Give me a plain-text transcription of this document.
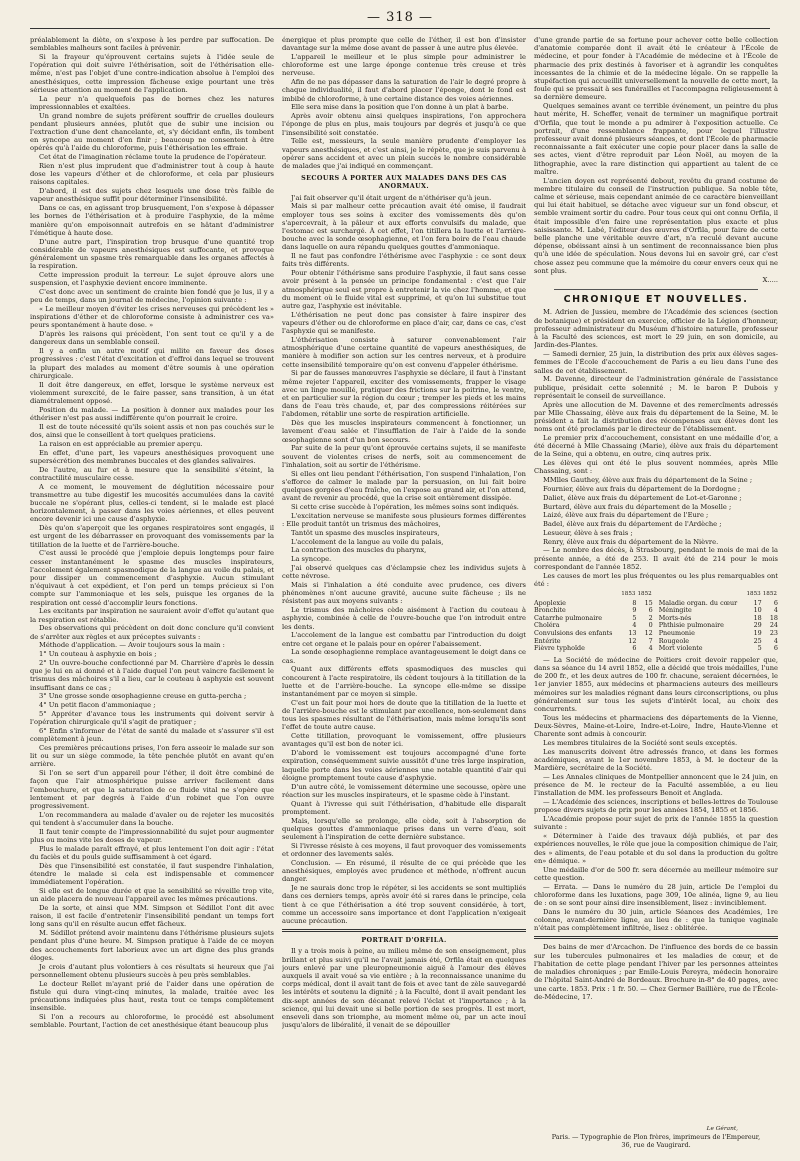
— 318 —

préalablement la diète, on s'expose à les perdre par suffocation. De semblables malheurs sont faciles à prévenir.

Si la frayeur qu'éprouvent certains sujets à l'idée seule de l'opération qui doit suivre l'éthérisation, soit de l'éthérisation elle-même, n'est pas l'objet d'une contre-indication absolue à l'emploi des anesthésiques, cette impression fâcheuse exige pourtant une très sérieuse attention au moment de l'application.

La peur n'a quelquefois pas de bornes chez les natures impressionnables et exaltées.

Un grand nombre de sujets préfèrent souffrir de cruelles douleurs pendant plusieurs années, plutôt que de subir une incision ou l'extraction d'une dent chancelante, et, s'y décidant enfin, ils tombent en syncope au moment d'en finir ; beaucoup ne consentent à être opérés qu'à l'aide du chloroforme, puis l'éthérisation les effraie.

Cet état de l'imagination réclame toute la prudence de l'opérateur.

Rien n'est plus imprudent que d'administrer tout à coup à haute dose les vapeurs d'éther et de chloroforme, et cela par plusieurs raisons capitales.

D'abord, il est des sujets chez lesquels une dose très faible de vapeur anesthésique suffit pour déterminer l'insensibilité.

Dans ce cas, en agissant trop brusquement, l'on s'expose à dépasser les bornes de l'éthérisation et à produire l'asphyxie, de la même manière qu'on empoisonnait autrefois en se hâtant d'administrer l'émétique à haute dose.

D'une autre part, l'inspiration trop brusque d'une quantité trop considérable de vapeurs anesthésiques est suffocante, et provoque généralement un spasme très remarquable dans les organes affectés à la respiration.

Cette impression produit la terreur. Le sujet éprouve alors une suspension, et l'asphyxie devient encore imminente.

C'est donc avec un sentiment de crainte bien fondé que je lus, il y a peu de temps, dans un journal de médecine, l'opinion suivante :

« Le meilleur moyen d'éviter les crises nerveuses qui précèdent les » inspirations d'éther et de chloroforme consiste à administrer ces va» peurs spontanément à haute dose. »

D'après les raisons qui précèdent, l'on sent tout ce qu'il y a de dangereux dans un semblable conseil.

Il y a enfin un autre motif qui milite en faveur des doses progressives : c'est l'état d'excitation et d'effroi dans lequel se trouvent la plupart des malades au moment d'être soumis à une opération chirurgicale.

Il doit être dangereux, en effet, lorsque le système nerveux est violemment surexcité, de le faire passer, sans transition, à un état diamétralement opposé.

Position du malade. — La position à donner aux malades pour les éthériser n'est pas aussi indifférente qu'on pourrait le croire.

Il est de toute nécessité qu'ils soient assis et non pas couchés sur le dos, ainsi que le conseillent à tort quelques praticiens.

La raison en est appréciable au premier aperçu.

En effet, d'une part, les vapeurs anesthésiques provoquent une supersécrétion des membranes buccales et des glandes salivaires.

De l'autre, au fur et à mesure que la sensibilité s'éteint, la contractilité musculaire cesse.

A ce moment, le mouvement de déglutition nécessaire pour transmettre au tube digestif les mucosités accumulées dans la cavité buccale ne s'opérant plus, celles-ci tendent, si le malade est placé horizontalement, à passer dans les voies aériennes, et elles peuvent encore devenir ici une cause d'asphyxie.

Dès qu'on s'aperçoit que les organes respiratoires sont engagés, il est urgent de les débarrasser en provoquant des vomissements par la titillation de la luette et de l'arrière-bouche.

C'est aussi le procédé que j'emploie depuis longtemps pour faire cesser instantanément le spasme des muscles inspirateurs, l'accolement également spasmodique de la langue au voile du palais, et pour dissiper un commencement d'asphyxie. Aucun stimulant n'équivaut à cet expédient, et l'on perd un temps précieux si l'on compte sur l'ammoniaque et les sels, puisque les organes de la respiration ont cessé d'accomplir leurs fonctions.

Les excitants par inspiration ne sauraient avoir d'effet qu'autant que la respiration est rétablie.

Des observations qui précèdent on doit donc conclure qu'il convient de s'arrêter aux règles et aux préceptes suivants :

Méthode d'application. — Avoir toujours sous la main :

1° Un couteau à asphyxie en bois ;

2° Un ouvre-bouche confectionné par M. Charrière d'après le dessin que je lui en ai donné et à l'aide duquel l'on peut vaincre facilement le trismus des mâchoires s'il a lieu, car le couteau à asphyxie est souvent insuffisant dans ce cas ;

3° Une grosse sonde œsophagienne creuse en gutta-percha ;

4° Un petit flacon d'ammoniaque ;

5° Appréter d'avance tous les instruments qui doivent servir à l'opération chirurgicale qu'il s'agit de pratiquer ;

6° Enfin s'informer de l'état de santé du malade et s'assurer s'il est complètement à jeun.

Ces premières précautions prises, l'on fera asseoir le malade sur son lit ou sur un siège commode, la tête penchée plutôt en avant qu'en arrière.

Si l'on se sert d'un appareil pour l'éther, il doit être combiné de façon que l'air atmosphérique puisse arriver facilement dans l'embouchure, et que la saturation de ce fluide vital ne s'opère que lentement et par degrés à l'aide d'un robinet que l'on ouvre progressivement.

L'on recommandera au malade d'avaler ou de rejeter les mucosités qui tendent à s'accumuler dans la bouche.

Il faut tenir compte de l'impressionnabilité du sujet pour augmenter plus ou moins vite les doses de vapeur.

Plus le malade paraît effrayé, et plus lentement l'on doit agir : l'état du faciès et du pouls guide suffisamment à cet égard.

Dès que l'insensibilité est constatée, il faut suspendre l'inhalation, étendre le malade si cela est indispensable et commencer immédiatement l'opération.

Si elle est de longue durée et que la sensibilité se réveille trop vite, un aide placera de nouveau l'appareil avec les mêmes précautions.

De la sorte, et ainsi que MM. Simpson et Sédillot l'ont dit avec raison, il est facile d'entretenir l'insensibilité pendant un temps fort long sans qu'il en résulte aucun effet fâcheux.

M. Sédillot prétend avoir maintenu dans l'éthérisme plusieurs sujets pendant plus d'une heure. M. Simpson pratique à l'aide de ce moyen des accouchements fort laborieux avec un art digne des plus grands éloges.

Je crois d'autant plus volontiers à ces résultats si heureux que j'ai personnellement obtenu plusieurs succès à peu près semblables.

Le docteur Rellet m'ayant prié de l'aider dans une opération de fistule qui dura vingt-cinq minutes, la malade, traitée avec les précautions indiquées plus haut, resta tout ce temps complètement insensible.

Si l'on a recours au chloroforme, le procédé est absolument semblable. Pourtant, l'action de cet anesthésique étant beaucoup plus

énergique et plus prompte que celle de l'éther, il est bon d'insister davantage sur la même dose avant de passer à une autre plus élevée.

L'appareil le meilleur et le plus simple pour administrer le chloroforme est une large éponge contenue très creuse et très nerveuse.

Afin de ne pas dépasser dans la saturation de l'air le degré propre à chaque individualité, il faut d'abord placer l'éponge, dont le fond est imbibé de chloroforme, à une certaine distance des voies aériennes.

Elle sera mise dans la position que l'on donne à un plat à barbe.

Après avoir obtenu ainsi quelques inspirations, l'on approchera l'éponge de plus en plus, mais toujours par degrés et jusqu'à ce que l'insensibilité soit constatée.

Telle est, messieurs, la seule manière prudente d'employer les vapeurs anesthésiques, et c'est ainsi, je le répète, que je suis parvenu à opérer sans accident et avec un plein succès le nombre considérable de malades que j'ai indiqué en commençant.

SECOURS À PORTER AUX MALADES DANS DES CAS ANORMAUX.

J'ai fait observer qu'il était urgent de n'éthériser qu'à jeun.

Mais si par malheur cette précaution avait été omise, il faudrait employer tous ses soins à exciter des vomissements dès qu'on s'apercevrait, à la pâleur et aux efforts convulsifs du malade, que l'estomac est surchargé. À cet effet, l'on titillera la luette et l'arrière-bouche avec la sonde œsophagienne, et l'on fera boire de l'eau chaude dans laquelle on aura répandu quelques gouttes d'ammoniaque.

Il ne faut pas confondre l'éthérisme avec l'asphyxie : ce sont deux faits très différents.

Pour obtenir l'éthérisme sans produire l'asphyxie, il faut sans cesse avoir présent à la pensée un principe fondamental : c'est que l'air atmosphérique seul est propre à entretenir la vie chez l'homme, et que du moment où le fluide vital est supprimé, et qu'on lui substitue tout autre gaz, l'asphyxie est inévitable.

L'éthérisation ne peut donc pas consister à faire inspirer des vapeurs d'éther ou de chloroforme en place d'air, car, dans ce cas, c'est l'asphyxie qui se manifeste.

L'éthérisation consiste à saturer convenablement l'air atmosphérique d'une certaine quantité de vapeurs anesthésiques, de manière à modifier son action sur les centres nerveux, et à produire cette insensibilité temporaire qu'on est convenu d'appeler éthérisme.

Si par de fausses manœuvres l'asphyxie se déclare, il faut à l'instant même rejeter l'appareil, exciter des vomissements, frapper le visage avec un linge mouillé, pratiquer des frictions sur la poitrine, le ventre, et en particulier sur la région du cœur ; tremper les pieds et les mains dans de l'eau très chaude, et, par des compressions réitérées sur l'abdomen, rétablir une sorte de respiration artificielle.

Dès que les muscles inspirateurs commencent à fonctionner, un lavement d'eau salée et l'insufflation de l'air à l'aide de la sonde œsophagienne sont d'un bon secours.

Par suite de la peur qu'ont éprouvée certains sujets, il se manifeste souvent de violentes crises de nerfs, soit au commencement de l'inhalation, soit au sortir de l'éthérisme.

Si elles ont lieu pendant l'éthérisation, l'on suspend l'inhalation, l'on s'efforce de calmer le malade par la persuasion, on lui fait boire quelques gorgées d'eau fraîche, on l'expose au grand air, et l'on attend, avant de revenir au procédé, que la crise soit entièrement dissipée.

Si cette crise succède à l'opération, les mêmes soins sont indiqués.

L'excitation nerveuse se manifeste sous plusieurs formes différentes : Elle produit tantôt un trismus des mâchoires,

Tantôt un spasme des muscles inspirateurs,

L'accolement de la langue au voile du palais,

La contraction des muscles du pharynx,

La syncope.

J'ai observé quelques cas d'éclampsie chez les individus sujets à cette névrose.

Mais si l'inhalation a été conduite avec prudence, ces divers phénomènes n'ont aucune gravité, aucune suite fâcheuse ; ils ne résistent pas aux moyens suivants :

Le trismus des mâchoires cède aisément à l'action du couteau à asphyxie, combinée à celle de l'ouvre-bouche que l'on introduit entre les dents.

L'accolement de la langue est combattu par l'introduction du doigt entre cet organe et le palais pour en opérer l'abaissement.

La sonde œsophagienne remplace avantageusement le doigt dans ce cas.

Quant aux différents effets spasmodiques des muscles qui concourent à l'acte respiratoire, ils cèdent toujours à la titillation de la luette et de l'arrière-bouche. La syncope elle-même se dissipe instantanément par ce moyen si simple.

C'est un fait pour moi hors de doute que la titillation de la luette et de l'arrière-bouche est le stimulant par excellence, non-seulement dans tous les spasmes résultant de l'éthérisation, mais même lorsqu'ils sont l'effet de toute autre cause.

Cette titillation, provoquant le vomissement, offre plusieurs avantages qu'il est bon de noter ici.

D'abord le vomissement est toujours accompagné d'une forte expiration, conséquemment suivie aussitôt d'une très large inspiration, laquelle porte dans les voies aériennes une notable quantité d'air qui éloigne promptement toute cause d'asphyxie.

D'un autre côté, le vomissement détermine une secousse, opère une réaction sur les muscles inspirateurs, et le spasme cède à l'instant.

Quant à l'ivresse qui suit l'éthérisation, d'habitude elle disparaît promptement.

Mais, lorsqu'elle se prolonge, elle cède, soit à l'absorption de quelques gouttes d'ammoniaque prises dans un verre d'eau, soit seulement à l'inspiration de cette dernière substance.

Si l'ivresse résiste à ces moyens, il faut provoquer des vomissements et ordonner des lavements salés.

Conclusion. — En résumé, il résulte de ce qui précède que les anesthésiques, employés avec prudence et méthode, n'offrent aucun danger.

Je ne saurais donc trop le répéter, si les accidents se sont multipliés dans ces derniers temps, après avoir été si rares dans le principe, cela tient à ce que l'éthérisation a été trop souvent considérée, à tort, comme un accessoire sans importance et dont l'application n'exigeait aucune précaution.

PORTRAIT D'ORFILA.

Il y a trois mois à peine, au milieu même de son enseignement, plus brillant et plus suivi qu'il ne l'avait jamais été, Orfila était en quelques jours enlevé par une pleuropneumonie aiguë à l'amour des élèves auxquels il avait voué sa vie entière ; à la reconnaissance unanime du corps médical, dont il avait tant de fois et avec tant de zèle sauvegardé les intérêts et soutenu la dignité ; à la Faculté, dont il avait pendant les dix-sept années de son décanat relevé l'éclat et l'importance ; à la science, qui lui devait une si belle portion de ses progrès. Il est mort, enseveli dans son triomphe, au moment même où, par un acte inouï jusqu'alors de libéralité, il venait de se dépouiller

d'une grande partie de sa fortune pour achever cette belle collection d'anatomie comparée dont il avait été le créateur à l'École de médecine, et pour fonder à l'Académie de médecine et à l'École de pharmacie des prix destinés à favoriser et à agrandir les conquêtes incessantes de la chimie et de la médecine légale. On se rappelle la stupéfaction qui accueillit universellement la nouvelle de cette mort, la foule qui se pressait à ses funérailles et l'accompagna religieusement à sa dernière demeure.

Quelques semaines avant ce terrible événement, un peintre du plus haut mérite, H. Scheffer, venait de terminer un magnifique portrait d'Orfila, que tout le monde a pu admirer à l'exposition actuelle. Ce portrait, d'une ressemblance frappante, pour lequel l'illustre professeur avait donné plusieurs séances, et dont l'École de pharmacie reconnaissante a fait exécuter une copie pour placer dans la salle de ses actes, vient d'être reproduit par Léon Noël, au moyen de la lithographie, avec la rare distinction qui appartient au talent de ce maître.

L'ancien doyen est représenté debout, revêtu du grand costume de membre titulaire du conseil de l'instruction publique. Sa noble tête, calme et sérieuse, mais cependant animée de ce caractère bienveillant qui lui était habituel, se détache avec vigueur sur un fond obscur, et semble vraiment sortir du cadre. Pour tous ceux qui ont connu Orfila, il était impossible d'en faire une représentation plus exacte et plus saisissante. M. Labé, l'éditeur des œuvres d'Orfila, pour faire de cette belle planche une véritable œuvre d'art, n'a reculé devant aucune dépense, obéissant ainsi à un sentiment de reconnaissance bien plus qu'à une idée de spéculation. Nous devons lui en savoir gré, car c'est chose assez peu commune que la mémoire du cœur envers ceux qui ne sont plus.

X.....
CHRONIQUE ET NOUVELLES.

M. Adrien de Jussieu, membre de l'Académie des sciences (section de botanique) et président en exercice, officier de la Légion d'honneur, professeur administrateur du Muséum d'histoire naturelle, professeur à la Faculté des sciences, est mort le 29 juin, en son domicile, au Jardin-des-Plantes.

— Samedi dernier, 25 juin, la distribution des prix aux élèves sages-femmes de l'École d'accouchement de Paris a eu lieu dans l'une des salles de cet établissement.

M. Davenne, directeur de l'administration générale de l'assistance publique, présidait cette solennité ; M. le baron P. Dubois y représentait le conseil de surveillance.

Après une allocution de M. Davenne et des remercîments adressés par Mlle Chassaing, élève aux frais du département de la Seine, M. le président a fait la distribution des récompenses aux élèves dont les noms ont été proclamés par le directeur de l'établissement.

Le premier prix d'accouchement, consistant en une médaille d'or, a été décerné à Mlle Chassaing (Marie), élève aux frais du département de la Seine, qui a obtenu, en outre, cinq autres prix.

Les élèves qui ont été le plus souvent nommées, après Mlle Chassaing, sont :

MMlles Gauthey, élève aux frais du département de la Seine ;

Fournier, élève aux frais du département de la Dordogne ;

Daliet, élève aux frais du département de Lot-et-Garonne ;

Burtard, élève aux frais du département de la Moselle ;

Laizé, élève aux frais du département de l'Eure ;

Badel, élève aux frais du département de l'Ardèche ;

Lesueur, élève à ses frais ;

Renry, élève aux frais du département de la Nièvre.

— Le nombre des décès, à Strasbourg, pendant le mois de mai de la présente année, a été de 253. Il avait été de 214 pour le mois correspondant de l'année 1852.

Les causes de mort les plus fréquentes ou les plus remarquables ont été :

	1853	1852		1853	1852
Apoplexie	8	15	Maladie organ. du cœur	17	6
Bronchite	9	6	Méningite	10	4
Catarrhe pulmonaire	5	2	Morts-nés	18	18
Choléra	4	0	Phthisie pulmonaire	29	24
Convulsions des enfants	13	12	Pneumonie	19	23
Entérite	12	7	Rougeole	25	4
Fièvre typhoïde	6	4	Mort violente	5	6

— La Société de médecine de Poitiers croit devoir rappeler que, dans sa séance du 14 avril 1852, elle a décidé que trois médailles, l'une de 200 fr., et les deux autres de 100 fr. chacune, seraient décernées, le 1er janvier 1855, aux médecins et pharmaciens auteurs des meilleurs mémoires sur les maladies régnant dans leurs circonscriptions, ou plus généralement sur tous les sujets d'intérêt local, au choix des concurrents.

Tous les médecins et pharmaciens des départements de la Vienne, Deux-Sèvres, Maine-et-Loire, Indre-et-Loire, Indre, Haute-Vienne et Charente sont admis à concourir.

Les membres titulaires de la Société sont seuls exceptés.

Les manuscrits doivent être adressés franco, et dans les formes académiques, avant le 1er novembre 1853, à M. le docteur de la Mardière, secrétaire de la Société.

— Les Annales cliniques de Montpellier annoncent que le 24 juin, en présence de M. le recteur de la Faculté assemblée, a eu lieu l'installation de MM. les professeurs Benoit et Anglada.

— L'Académie des sciences, inscriptions et belles-lettres de Toulouse propose divers sujets de prix pour les années 1854, 1855 et 1856.

L'Académie propose pour sujet de prix de l'année 1855 la question suivante :

« Déterminer à l'aide des travaux déjà publiés, et par des expériences nouvelles, le rôle que joue la composition chimique de l'air, des » aliments, de l'eau potable et du sol dans la production du goître en» démique. »

Une médaille d'or de 500 fr. sera décernée au meilleur mémoire sur cette question.

— Errata. — Dans le numéro du 28 juin, article De l'emploi du chloroforme dans les luxations, page 309, 10e alinéa, ligne 9, au lieu de : on se sont pour ainsi dire insensiblement, lisez : invinciblement.

Dans le numéro du 30 juin, article Séances des Académies, 1re colonne, avant-dernière ligne, au lieu de : que la tunique vaginale n'était pas complètement infiltrée, lisez : oblitérée.

Des bains de mer d'Arcachon. De l'influence des bords de ce bassin sur les tubercules pulmonaires et les maladies de cœur, et de l'habitation de cette plage pendant l'hiver par les personnes atteintes de maladies chroniques ; par Emile-Louis Pereyra, médecin honoraire de l'hôpital Saint-André de Bordeaux. Brochure in-8° de 40 pages, avec une carte. 1853. Prix : 1 fr. 50. — Chez Germer Baillière, rue de l'École-de-Médecine, 17.

Le Gérant,
Paris. — Typographie de Plon frères, imprimeurs de l'Empereur,
36, rue de Vaugirard.
